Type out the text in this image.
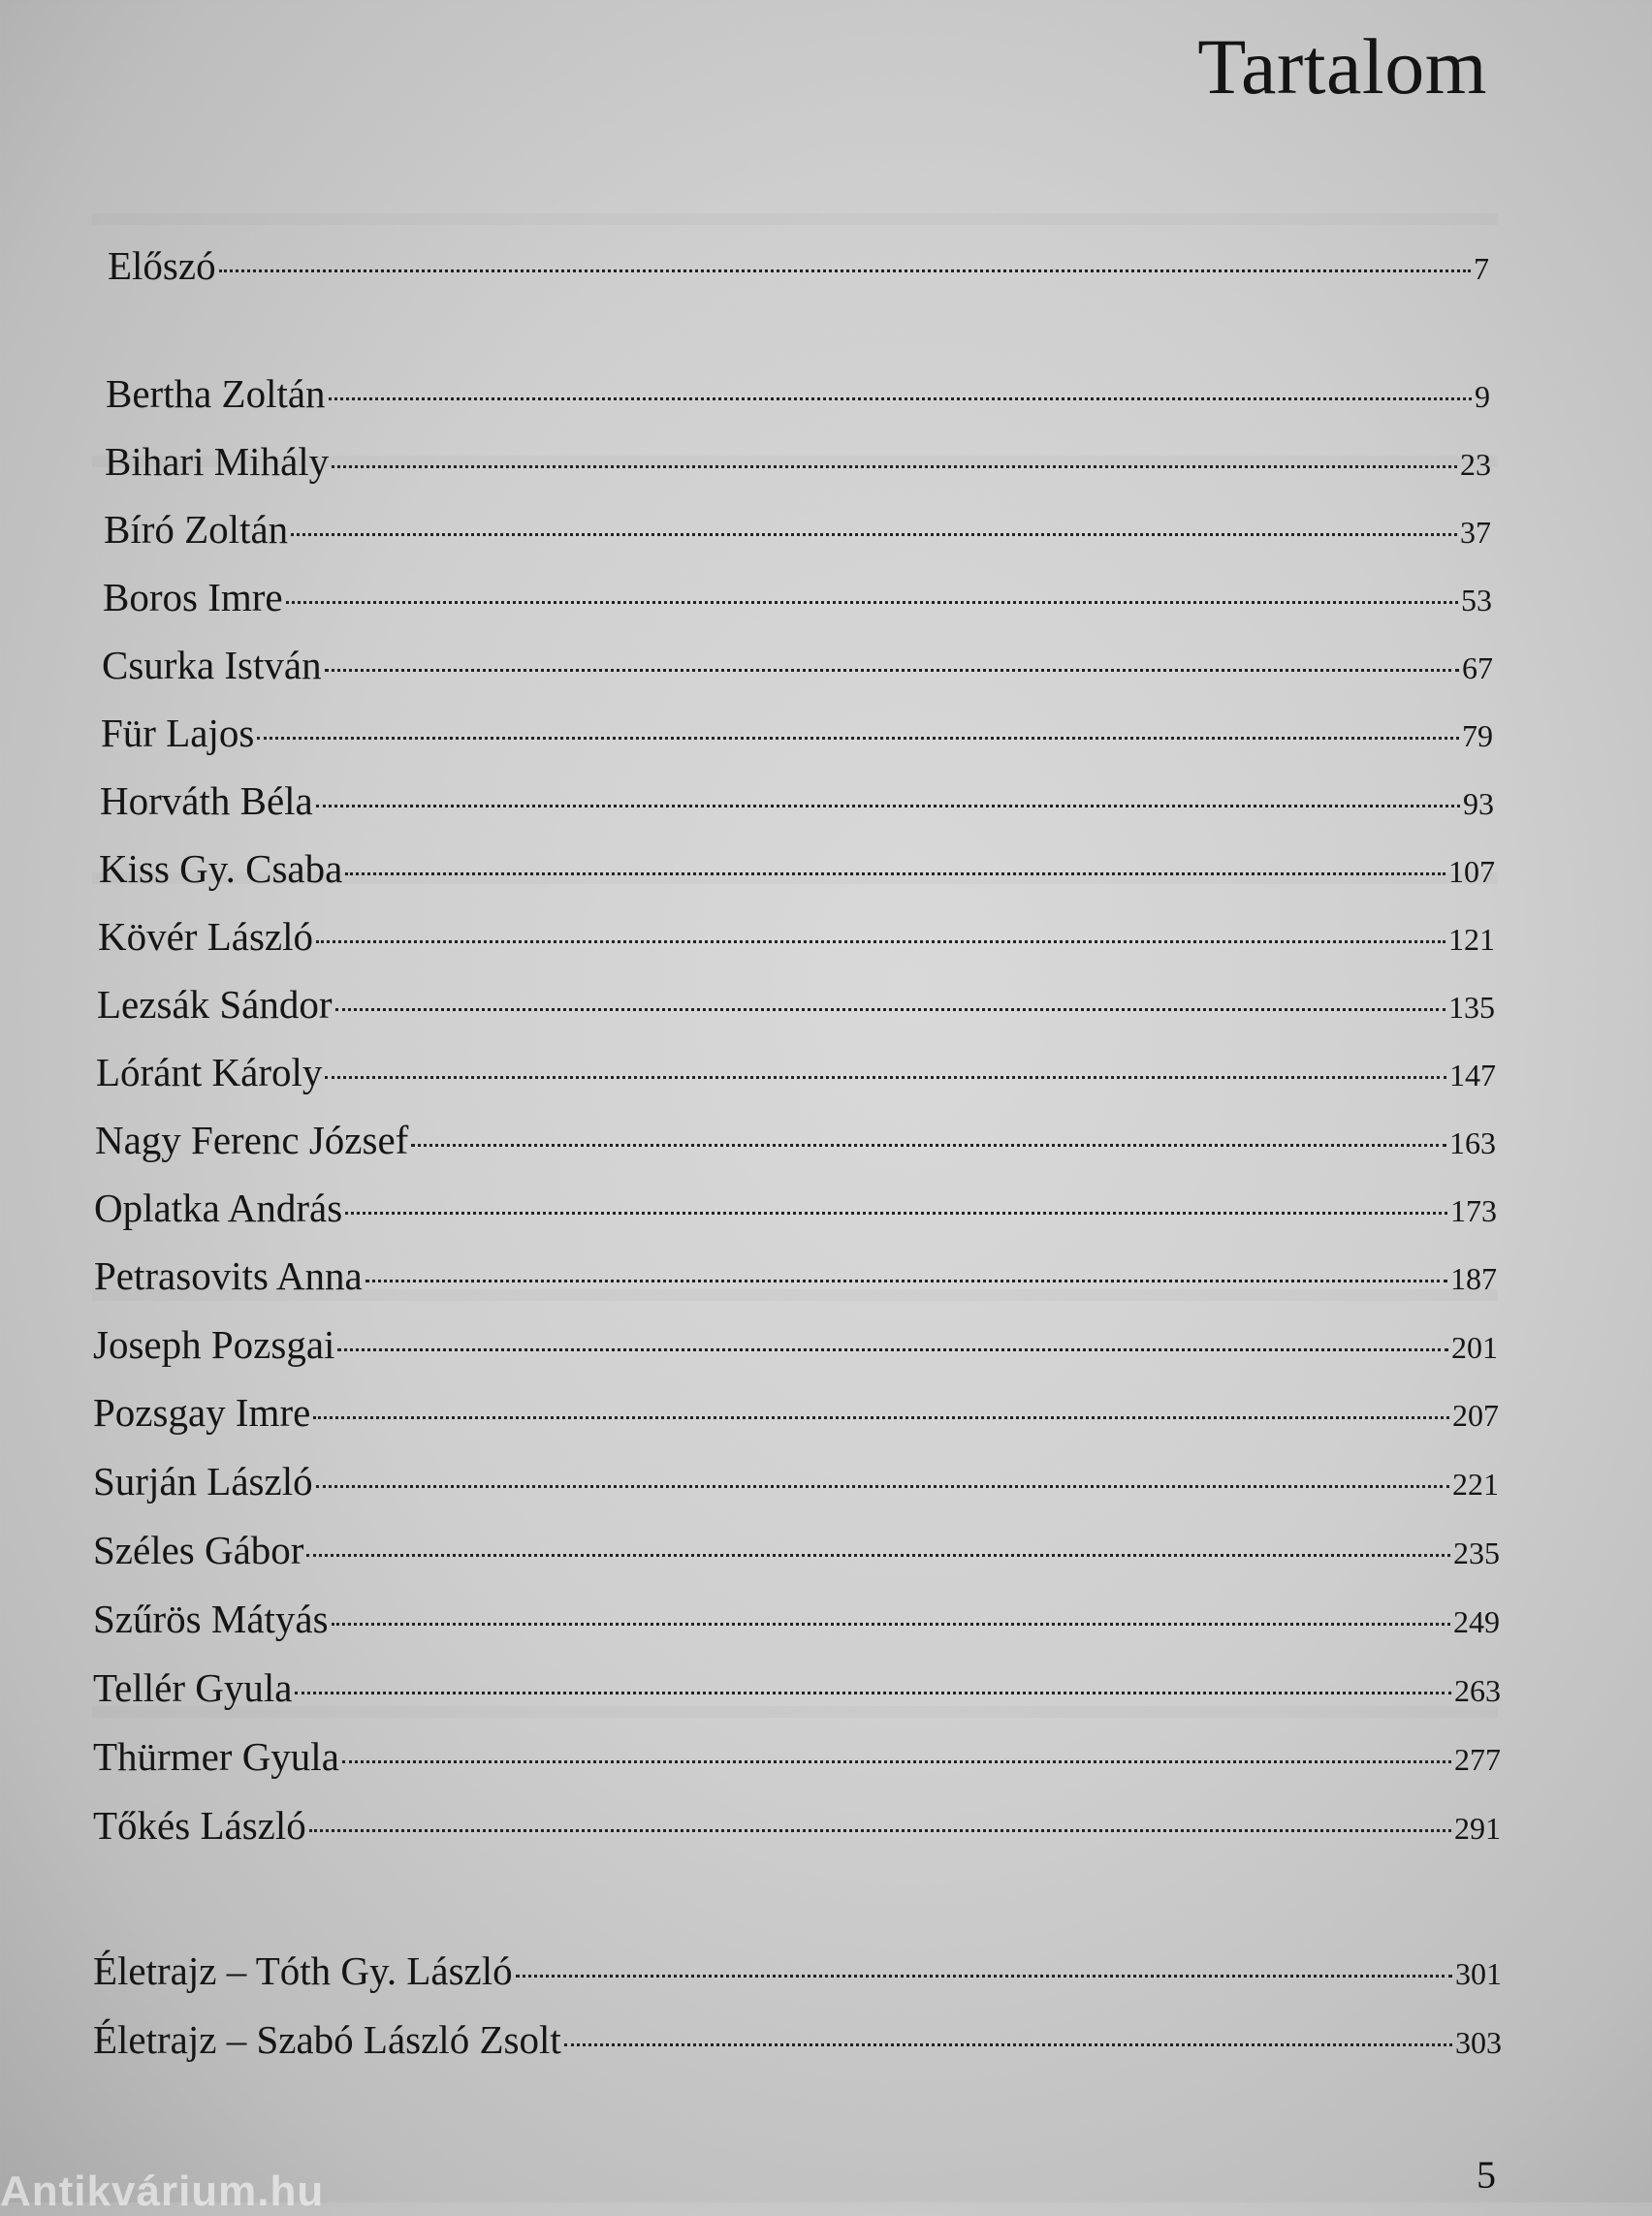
Tartalom
Előszó	7
Bertha Zoltán	9
Bihari Mihály	23
Bíró Zoltán	37
Boros Imre	53
Csurka István	67
Für Lajos	79
Horváth Béla	93
Kiss Gy. Csaba	107
Kövér László	121
Lezsák Sándor	135
Lóránt Károly	147
Nagy Ferenc József	163
Oplatka András	173
Petrasovits Anna	187
Joseph Pozsgai	201
Pozsgay Imre	207
Surján László	221
Széles Gábor	235
Szűrös Mátyás	249
Tellér Gyula	263
Thürmer Gyula	277
Tőkés László	291
Életrajz – Tóth Gy. László	301
Életrajz – Szabó László Zsolt	303
5
Antikvárium.hu
